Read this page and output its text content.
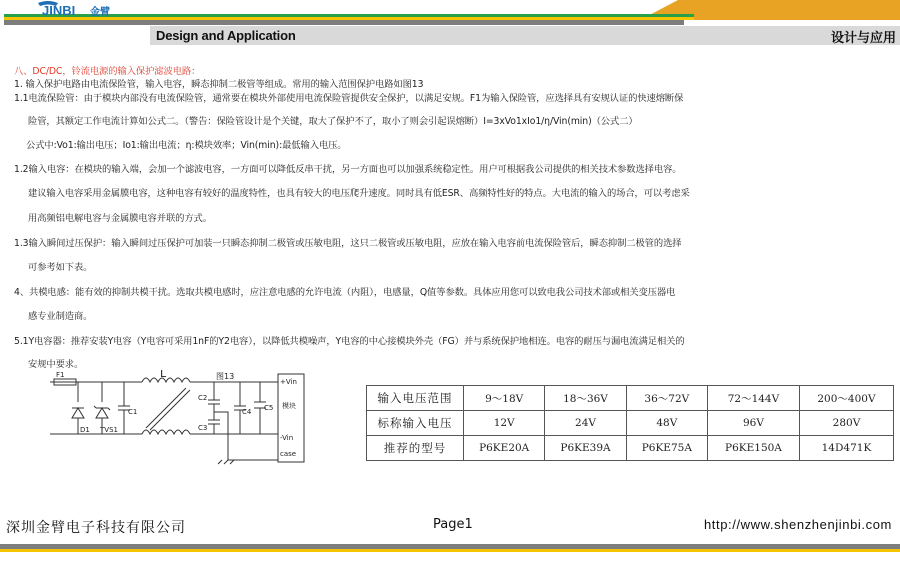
JINBI 金臂
Design and Application	设计与应用
八、DC/DC，铃流电源的输入保护滤波电路：
1. 输入保护电路由电流保险管，输入电容，瞬态抑制二极管等组成。常用的输入范围保护电路如图13
1.1电流保险管：由于模块内部没有电流保险管，通常要在模块外部使用电流保险管提供安全保护，以满足安规。F1为输入保险管，应选择具有安规认证的快速熔断保
险管，其额定工作电流计算如公式二。（警告：保险管设计是个关键，取大了保护不了，取小了则会引起误熔断）I=3xVo1xIo1/η/Vin(min)（公式二）
公式中:Vo1:输出电压；Io1:输出电流；η:模块效率；Vin(min):最低输入电压。
1.2输入电容：在模块的输入端，会加一个滤波电容，一方面可以降低反串干扰，另一方面也可以加强系统稳定性。用户可根据我公司提供的相关技术参数选择电容。
建议输入电容采用金属膜电容，这种电容有较好的温度特性，也具有较大的电压爬升速度。同时具有低ESR、高频特性好的特点。大电流的输入的场合，可以考虑采
用高频铝电解电容与金属膜电容并联的方式。
1.3输入瞬间过压保护：输入瞬间过压保护可加装一只瞬态抑制二极管或压敏电阻，这只二极管或压敏电阻，应放在输入电容前电流保险管后，瞬态抑制二极管的选择
可参考如下表。
4、共模电感：能有效的抑制共模干扰。选取共模电感时，应注意电感的允许电流（内阻），电感量，Q值等参数。具体应用您可以致电我公司技术部或相关变压器电
感专业制造商。
5.1Y电容器：推荐安装Y电容（Y电容可采用1nF的Y2电容），以降低共模噪声，Y电容的中心接模块外壳（FG）并与系统保护地相连。电容的耐压与漏电流满足相关的
安规中要求。
F1	L	图13
D1 TVS1
C1
C2
C3
C4 C5
+Vin
模块
-Vin
case
输入电压范围	9～18V	18～36V	36～72V	72～144V	200～400V
标称输入电压	12V	24V	48V	96V	280V
推荐的型号	P6KE20A	P6KE39A	P6KE75A	P6KE150A	14D471K
深圳金臂电子科技有限公司	Page1	http://www.shenzhenjinbi.com
